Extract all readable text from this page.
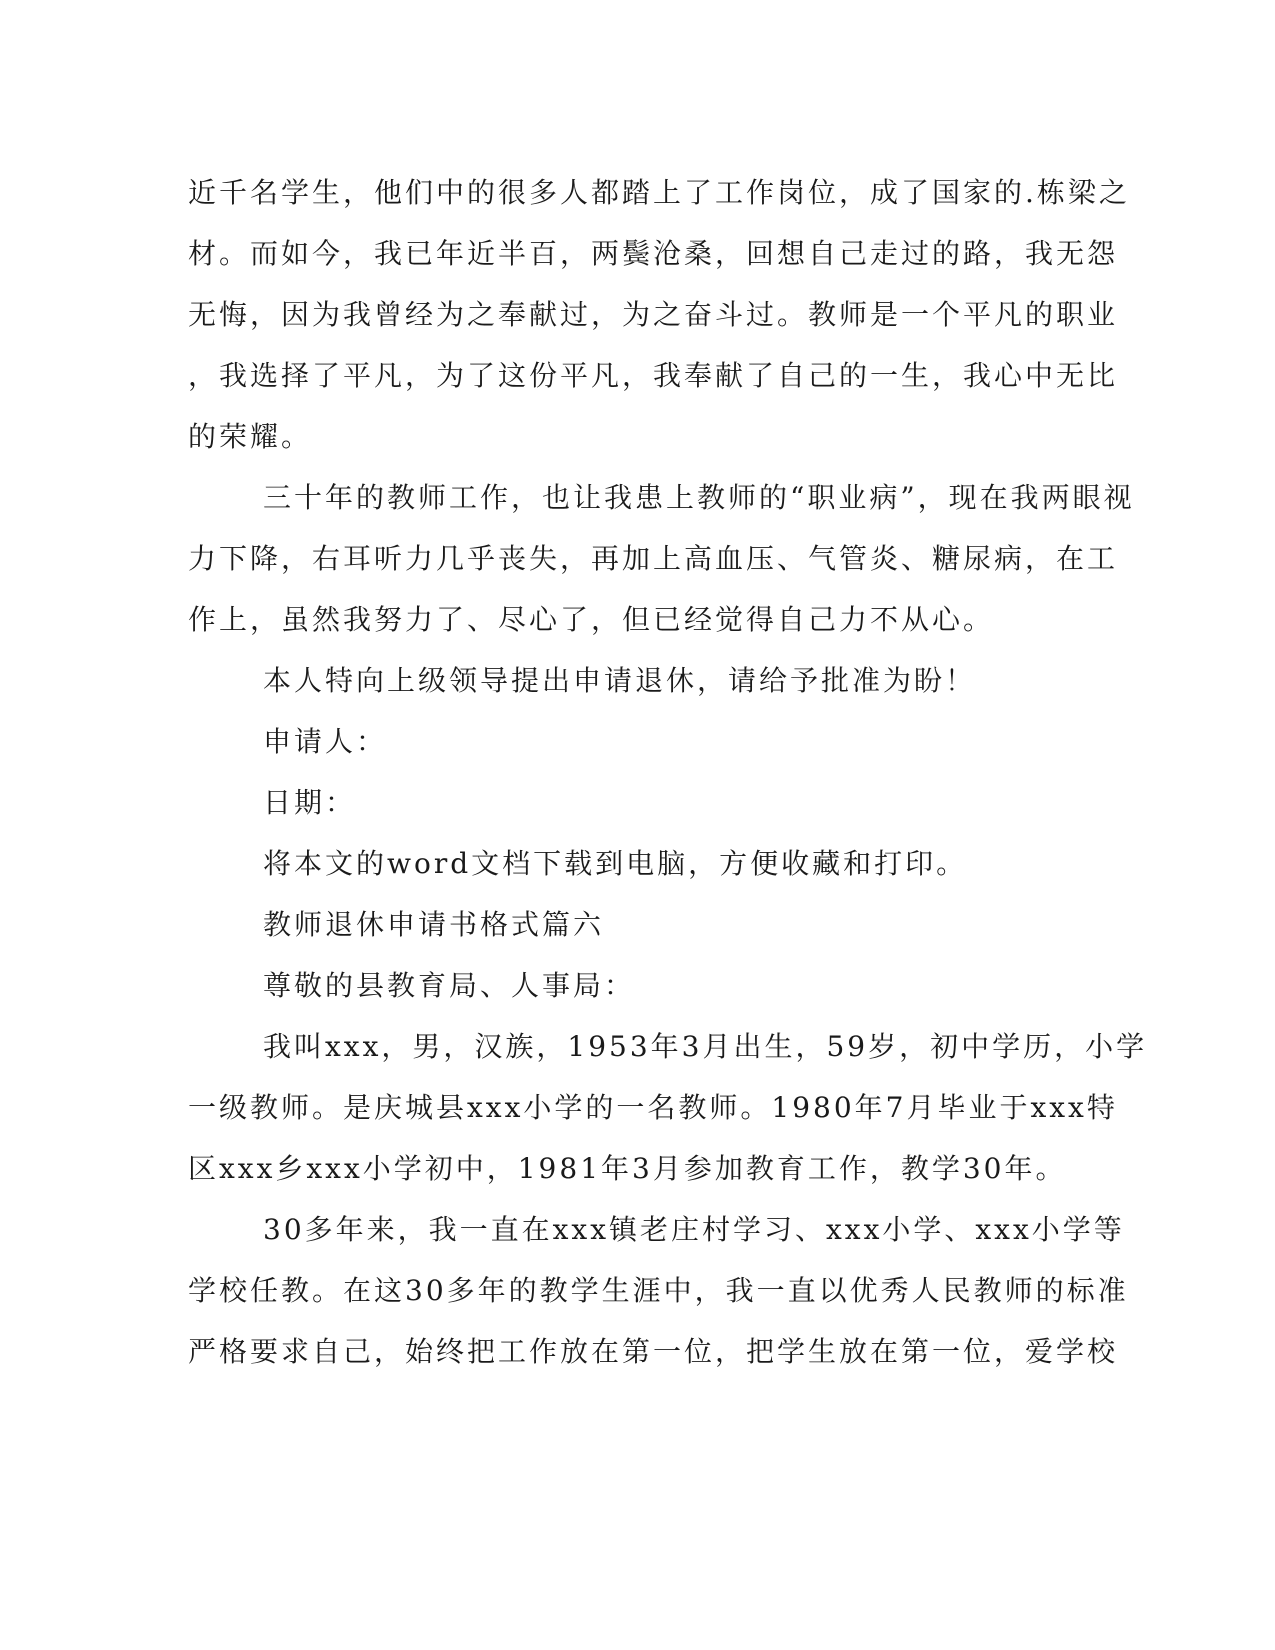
近千名学生，他们中的很多人都踏上了工作岗位，成了国家的.栋梁之
材。而如今，我已年近半百，两鬓沧桑，回想自己走过的路，我无怨
无悔，因为我曾经为之奉献过，为之奋斗过。教师是一个平凡的职业
，我选择了平凡，为了这份平凡，我奉献了自己的一生，我心中无比
的荣耀。
三十年的教师工作，也让我患上教师的“职业病”，现在我两眼视
力下降，右耳听力几乎丧失，再加上高血压、气管炎、糖尿病，在工
作上，虽然我努力了、尽心了，但已经觉得自己力不从心。
本人特向上级领导提出申请退休，请给予批准为盼！
申请人：
日期：
将本文的word文档下载到电脑，方便收藏和打印。
教师退休申请书格式篇六
尊敬的县教育局、人事局：
我叫xxx，男，汉族，1953年3月出生，59岁，初中学历，小学
一级教师。是庆城县xxx小学的一名教师。1980年7月毕业于xxx特
区xxx乡xxx小学初中，1981年3月参加教育工作，教学30年。
30多年来，我一直在xxx镇老庄村学习、xxx小学、xxx小学等
学校任教。在这30多年的教学生涯中，我一直以优秀人民教师的标准
严格要求自己，始终把工作放在第一位，把学生放在第一位，爱学校
